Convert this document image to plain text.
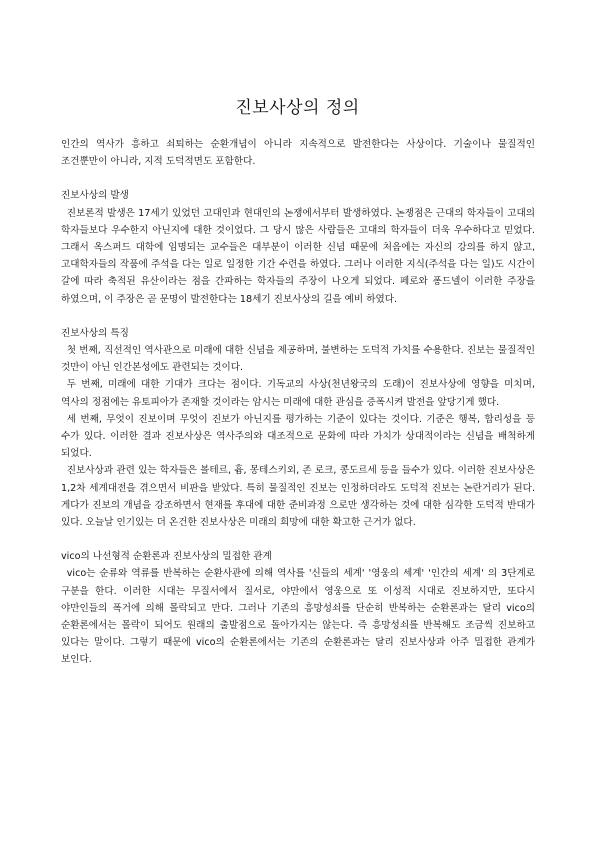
진보사상의 정의

인간의 역사가 흥하고 쇠퇴하는 순환개념이 아니라 지속적으로 발전한다는 사상이다. 기술이나 물질적인 조건뿐만이 아니라, 지적 도덕적면도 포함한다.

진보사상의 발생

진보론적 발생은 17세기 있었던 고대인과 현대인의 논쟁에서부터 발생하였다. 논쟁점은 근대의 학자들이 고대의 학자들보다 우수한지 아닌지에 대한 것이었다. 그 당시 많은 사람들은 고대의 학자들이 더욱 우수하다고 믿었다. 그래서 옥스퍼드 대학에 임명되는 교수들은 대부분이 이러한 신념 때문에 처음에는 자신의 강의를 하지 않고, 고대학자들의 작품에 주석을 다는 일로 일정한 기간 수련을 하였다. 그러나 이러한 지식(주석을 다는 일)도 시간이 갈에 따라 축적된 유산이라는 점을 간파하는 학자들의 주장이 나오게 되었다. 페로와 퐁드넬이 이러한 주장을 하였으며, 이 주장은 곧 문명이 발전한다는 18세기 진보사상의 길을 예비 하였다.

진보사상의 특징

첫 번째, 직선적인 역사관으로 미래에 대한 신념을 제공하며, 불변하는 도덕적 가치를 수용한다. 진보는 물질적인 것만이 아닌 인간본성에도 관련되는 것이다.

두 번째, 미래에 대한 기대가 크다는 점이다. 기독교의 사상(천년왕국의 도래)이 진보사상에 영향을 미치며, 역사의 정점에는 유토피아가 존재할 것이라는 암시는 미래에 대한 관심을 증폭시켜 발전을 앞당기게 했다.

세 번째, 무엇이 진보이며 무엇이 진보가 아닌지를 평가하는 기준이 있다는 것이다. 기준은 행복, 합리성을 등 수가 있다. 이러한 결과 진보사상은 역사주의와 대조적으로 문화에 따라 가치가 상대적이라는 신념을 배척하게 되었다.

진보사상과 관련 있는 학자들은 볼테르, 흄, 몽테스키외, 존 로크, 콩도르세 등을 들수가 있다. 이러한 진보사상은 1,2차 세계대전을 겪으면서 비판을 받았다. 특히 물질적인 진보는 인정하더라도 도덕적 진보는 논란거리가 된다. 게다가 진보의 개념을 강조하면서 현재를 후대에 대한 준비과정 으로만 생각하는 것에 대한 심각한 도덕적 반대가 있다. 오늘날 인기있는 더 온건한 진보사상은 미래의 희망에 대한 확고한 근거가 없다.

vico의 나선형적 순환론과 진보사상의 밀접한 관계

vico는 순류와 역류를 반복하는 순환사관에 의해 역사를 '신들의 세계' '영웅의 세계' '인간의 세계' 의 3단계로 구분을 한다. 이러한 시대는 무질서에서 질서로, 야만에서 영웅으로 또 이성적 시대로 진보하지만, 또다시 야만인들의 폭거에 의해 몰락되고 만다. 그러나 기존의 흥망성쇠를 단순히 반복하는 순환론과는 달리 vico의 순환론에서는 몰락이 되어도 원래의 출발점으로 돌아가지는 않는다. 즉 흥망성쇠를 반복해도 조금씩 진보하고 있다는 말이다. 그렇기 때문에 vico의 순환론에서는 기존의 순환론과는 달리 진보사상과 아주 밀접한 관계가 보인다.
